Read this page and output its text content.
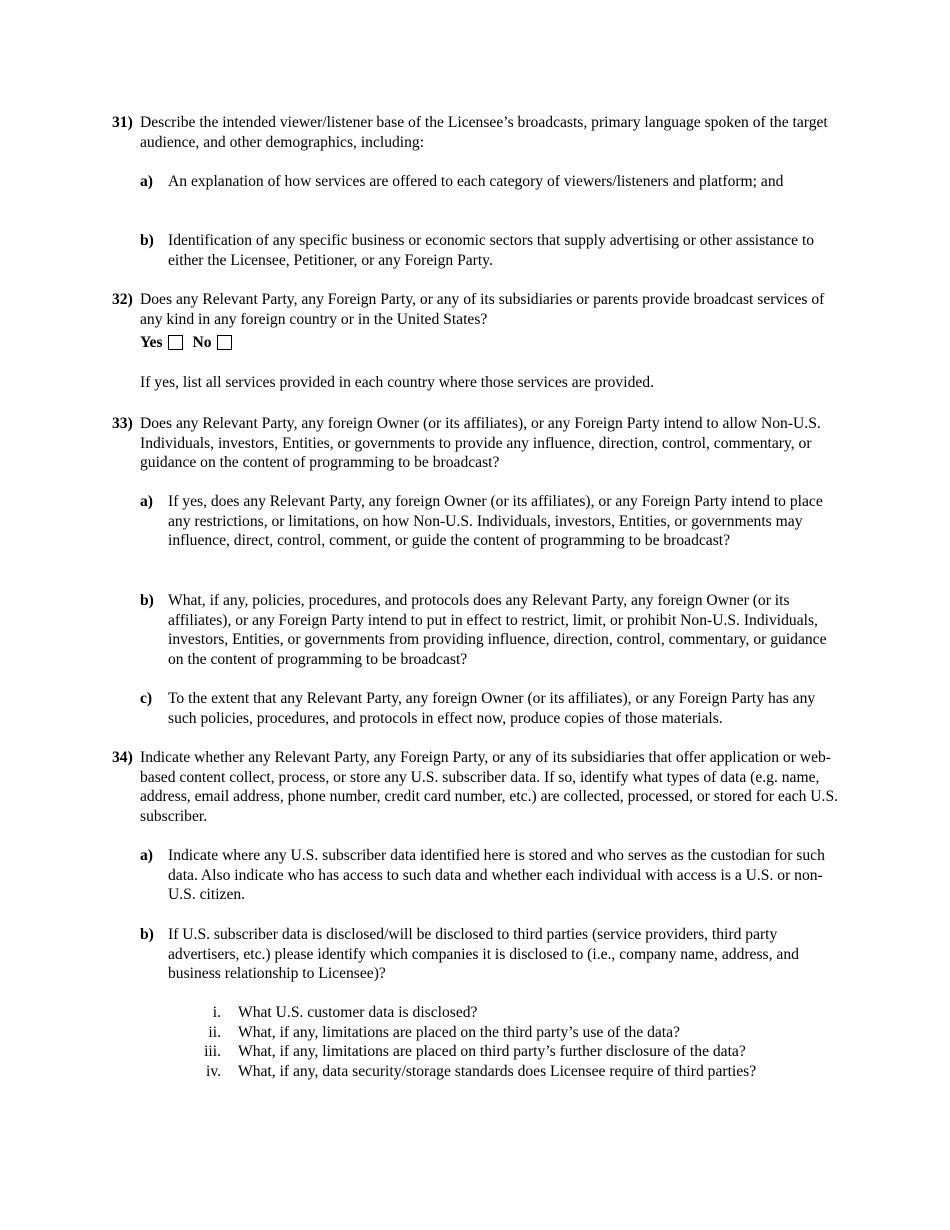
31) Describe the intended viewer/listener base of the Licensee’s broadcasts, primary language spoken of the target audience, and other demographics, including:
a) An explanation of how services are offered to each category of viewers/listeners and platform; and
b) Identification of any specific business or economic sectors that supply advertising or other assistance to either the Licensee, Petitioner, or any Foreign Party.
32) Does any Relevant Party, any Foreign Party, or any of its subsidiaries or parents provide broadcast services of any kind in any foreign country or in the United States?
Yes No
If yes, list all services provided in each country where those services are provided.
33) Does any Relevant Party, any foreign Owner (or its affiliates), or any Foreign Party intend to allow Non-U.S. Individuals, investors, Entities, or governments to provide any influence, direction, control, commentary, or guidance on the content of programming to be broadcast?
a) If yes, does any Relevant Party, any foreign Owner (or its affiliates), or any Foreign Party intend to place any restrictions, or limitations, on how Non-U.S. Individuals, investors, Entities, or governments may influence, direct, control, comment, or guide the content of programming to be broadcast?
b) What, if any, policies, procedures, and protocols does any Relevant Party, any foreign Owner (or its affiliates), or any Foreign Party intend to put in effect to restrict, limit, or prohibit Non-U.S. Individuals, investors, Entities, or governments from providing influence, direction, control, commentary, or guidance on the content of programming to be broadcast?
c) To the extent that any Relevant Party, any foreign Owner (or its affiliates), or any Foreign Party has any such policies, procedures, and protocols in effect now, produce copies of those materials.
34) Indicate whether any Relevant Party, any Foreign Party, or any of its subsidiaries that offer application or web-based content collect, process, or store any U.S. subscriber data. If so, identify what types of data (e.g. name, address, email address, phone number, credit card number, etc.) are collected, processed, or stored for each U.S. subscriber.
a) Indicate where any U.S. subscriber data identified here is stored and who serves as the custodian for such data. Also indicate who has access to such data and whether each individual with access is a U.S. or non-U.S. citizen.
b) If U.S. subscriber data is disclosed/will be disclosed to third parties (service providers, third party advertisers, etc.) please identify which companies it is disclosed to (i.e., company name, address, and business relationship to Licensee)?
i. What U.S. customer data is disclosed?
ii. What, if any, limitations are placed on the third party’s use of the data?
iii. What, if any, limitations are placed on third party’s further disclosure of the data?
iv. What, if any, data security/storage standards does Licensee require of third parties?
